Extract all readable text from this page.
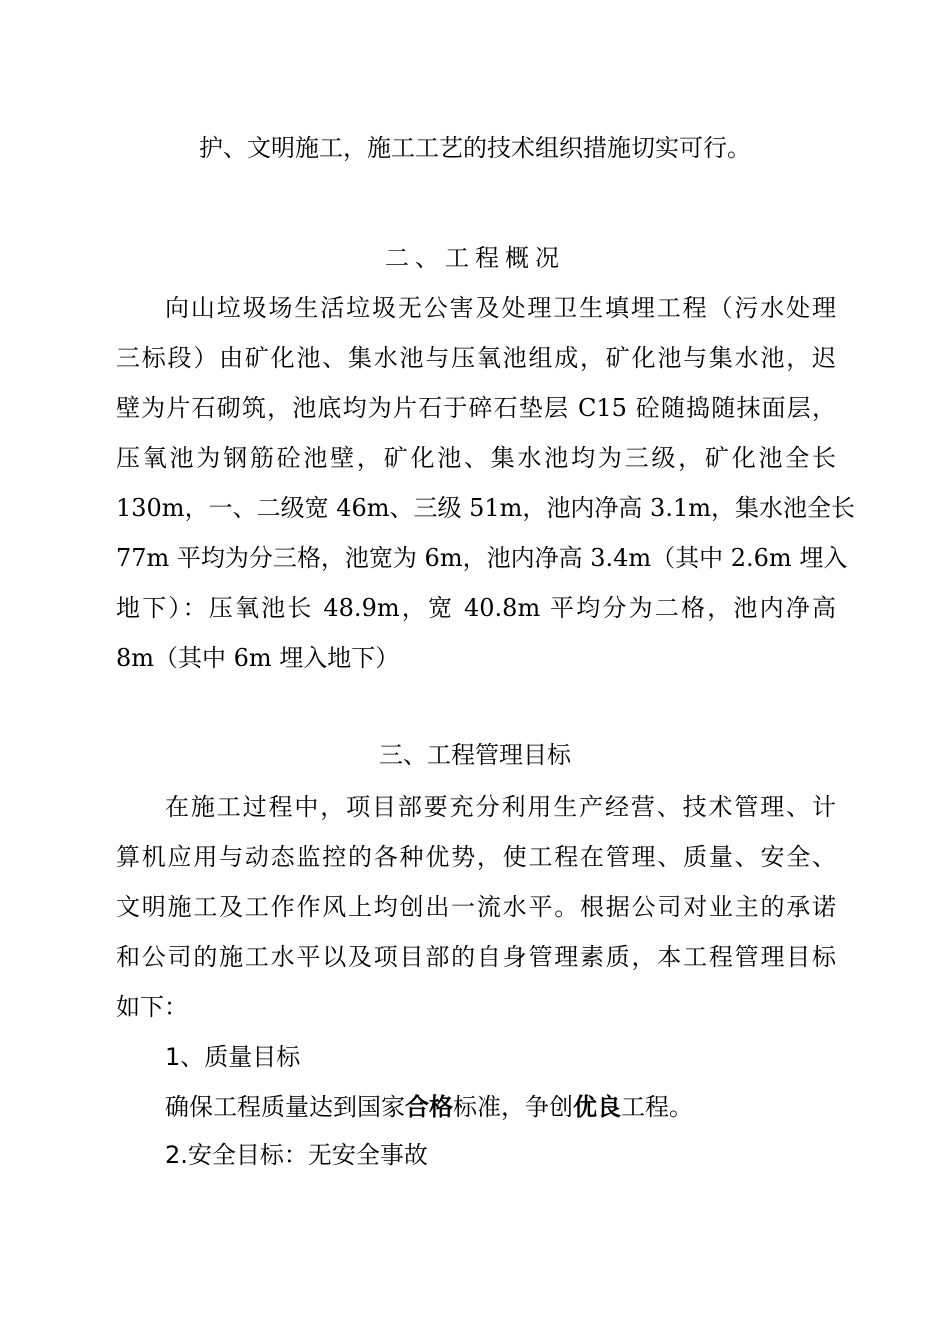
护、文明施工，施工工艺的技术组织措施切实可行。
二、工程概况
向山垃圾场生活垃圾无公害及处理卫生填埋工程（污水处理
三标段）由矿化池、集水池与压氧池组成，矿化池与集水池，迟
壁为片石砌筑，池底均为片石于碎石垫层 C15 砼随捣随抹面层，
压氧池为钢筋砼池壁，矿化池、集水池均为三级，矿化池全长
130m，一、二级宽 46m、三级 51m，池内净高 3.1m，集水池全长
77m 平均为分三格，池宽为 6m，池内净高 3.4m（其中 2.6m 埋入
地下）：压氧池长 48.9m，宽 40.8m 平均分为二格，池内净高
8m（其中 6m 埋入地下）
三、工程管理目标
在施工过程中，项目部要充分利用生产经营、技术管理、计
算机应用与动态监控的各种优势，使工程在管理、质量、安全、
文明施工及工作作风上均创出一流水平。根据公司对业主的承诺
和公司的施工水平以及项目部的自身管理素质，本工程管理目标
如下：
1、质量目标
确保工程质量达到国家合格标准，争创优良工程。
2.安全目标：无安全事故
